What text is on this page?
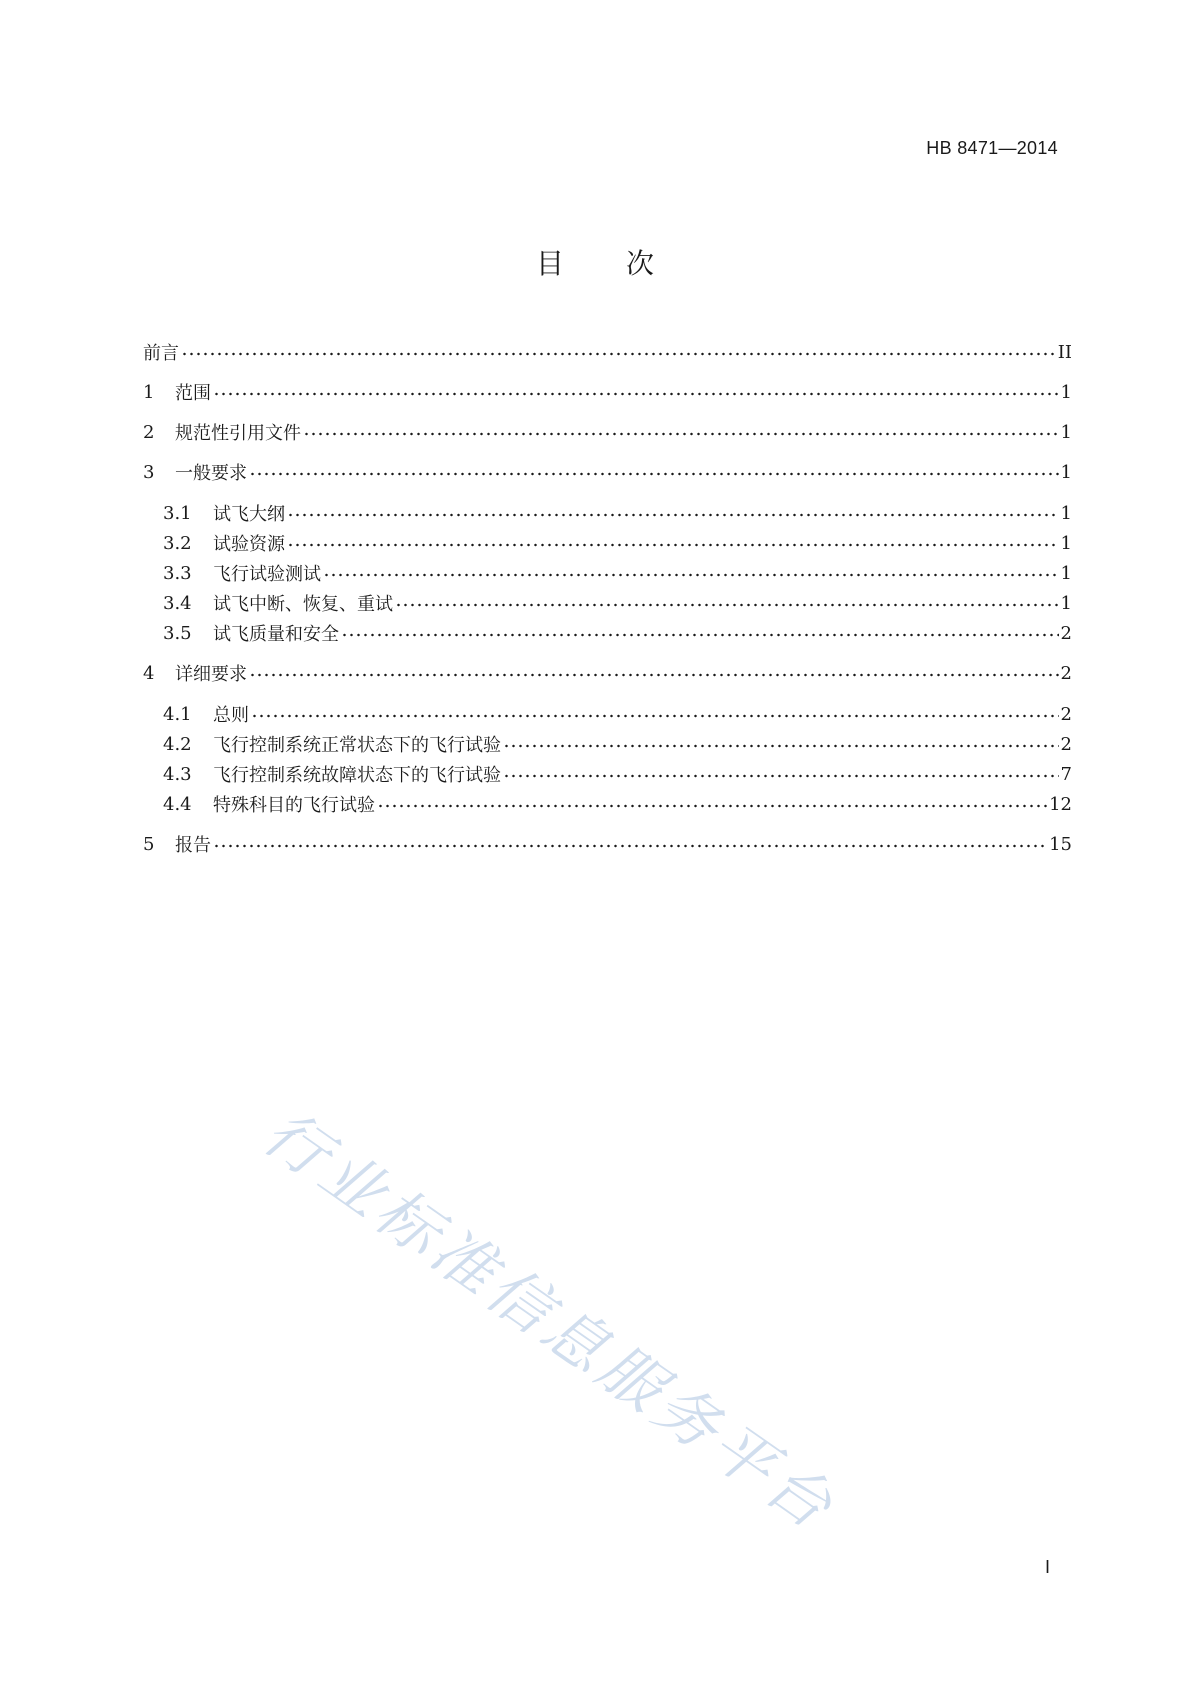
HB 8471—2014
目次
前言	II
1	范围	1
2	规范性引用文件	1
3	一般要求	1
3.1	试飞大纲	1
3.2	试验资源	1
3.3	飞行试验测试	1
3.4	试飞中断、恢复、重试	1
3.5	试飞质量和安全	2
4	详细要求	2
4.1	总则	2
4.2	飞行控制系统正常状态下的飞行试验	2
4.3	飞行控制系统故障状态下的飞行试验	7
4.4	特殊科目的飞行试验	12
5	报告	15
行业标准信息服务平台
I
